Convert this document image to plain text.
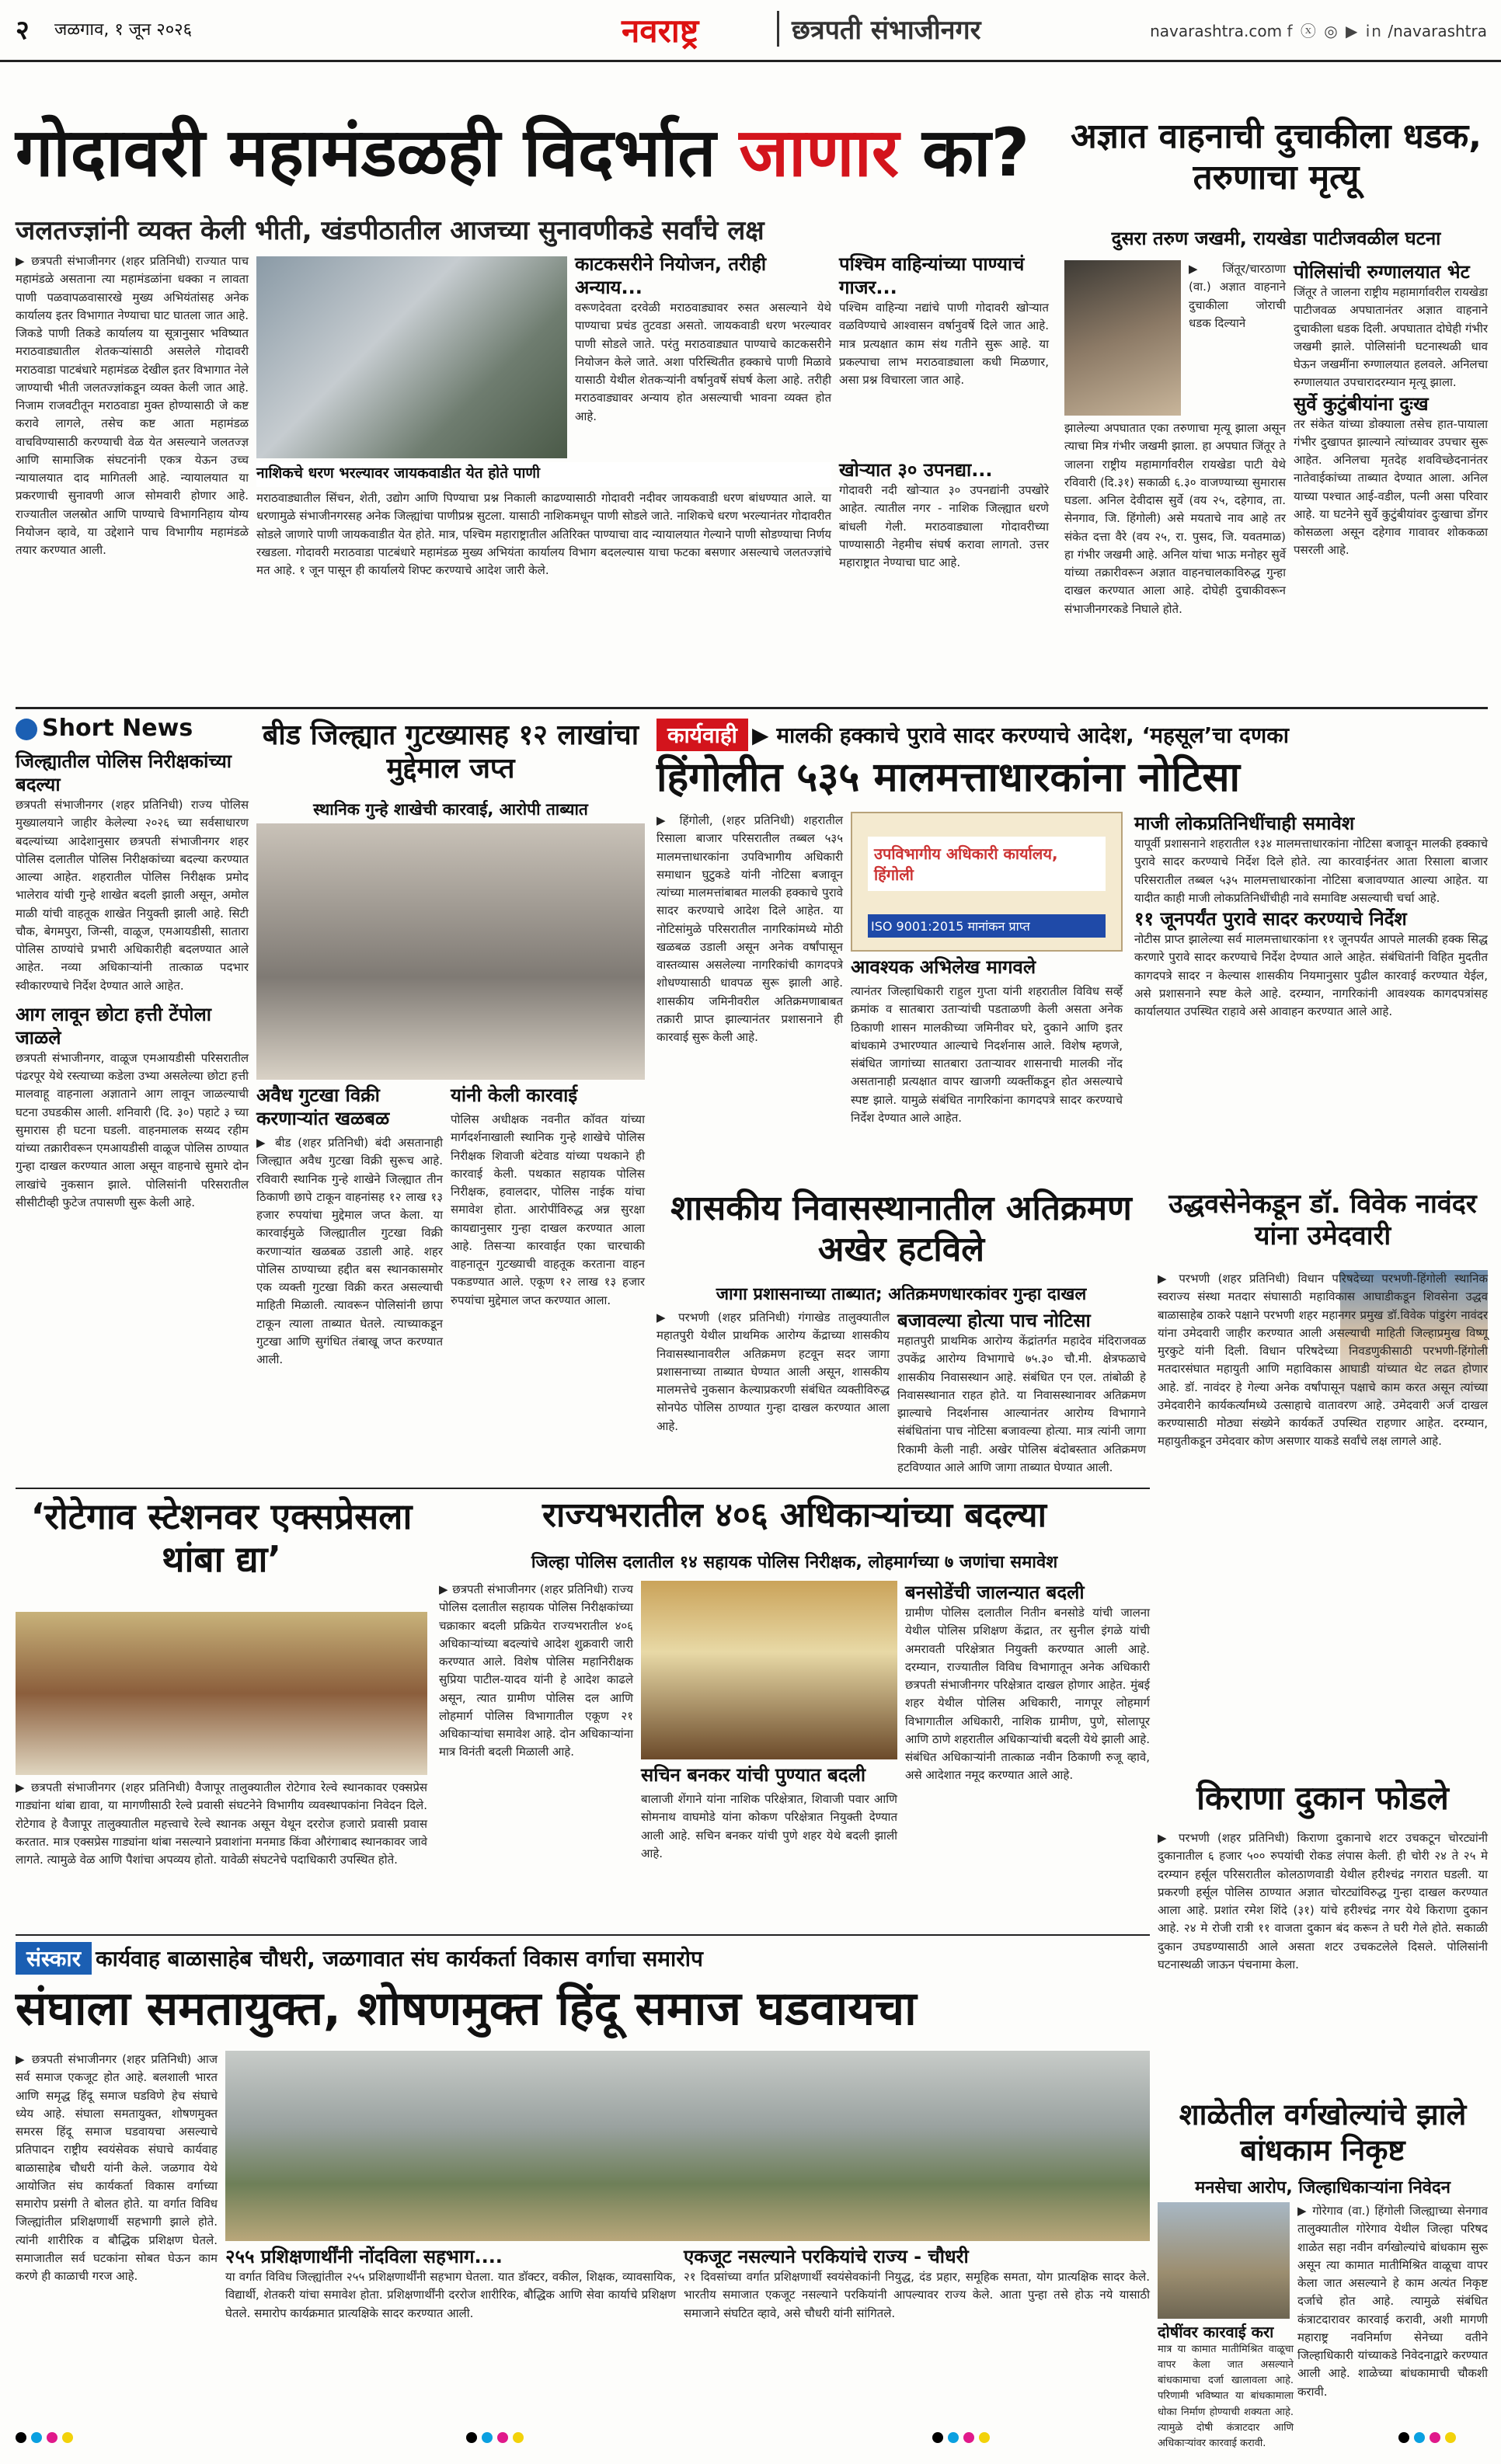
२ जळगाव, १ जून २०२६	नवराष्ट्र	छत्रपती संभाजीनगर	navarashtra.com f ⓧ ◎ ▶ in /navarashtra
गोदावरी महामंडळही विदर्भात जाणार का?
जलतज्ज्ञांनी व्यक्त केली भीती, खंडपीठातील आजच्या सुनावणीकडे सर्वांचे लक्ष
▶ छत्रपती संभाजीनगर (शहर प्रतिनिधी) राज्यात पाच महामंडळे असताना त्या महामंडळांना धक्का न लावता पाणी पळवापळवासारखे मुख्य अभियंतांसह अनेक कार्यालय इतर विभागात नेण्याचा घाट घातला जात आहे. जिकडे पाणी तिकडे कार्यालय या सूत्रानुसार भविष्यात मराठवाड्यातील शेतकऱ्यांसाठी असलेले गोदावरी मराठवाडा पाटबंधारे महामंडळ देखील इतर विभागात नेले जाण्याची भीती जलतज्ज्ञांकडून व्यक्त केली जात आहे. निजाम राजवटीतून मराठवाडा मुक्त होण्यासाठी जे कष्ट करावे लागले, तसेच कष्ट आता महामंडळ वाचविण्यासाठी करण्याची वेळ येत असल्याने जलतज्ज्ञ आणि सामाजिक संघटनांनी एकत्र येऊन उच्च न्यायालयात दाद मागितली आहे. न्यायालयात या प्रकरणाची सुनावणी आज सोमवारी होणार आहे. राज्यातील जलस्रोत आणि पाण्याचे विभागनिहाय योग्य नियोजन व्हावे, या उद्देशाने पाच विभागीय महामंडळे तयार करण्यात आली.
नाशिकचे धरण भरल्यावर जायकवाडीत येत होते पाणी
मराठवाड्यातील सिंचन, शेती, उद्योग आणि पिण्याचा प्रश्न निकाली काढण्यासाठी गोदावरी नदीवर जायकवाडी धरण बांधण्यात आले. या धरणामुळे संभाजीनगरसह अनेक जिल्ह्यांचा पाणीप्रश्न सुटला. यासाठी नाशिकमधून पाणी सोडले जाते. नाशिकचे धरण भरल्यानंतर गोदावरीत सोडले जाणारे पाणी जायकवाडीत येत होते. मात्र, पश्चिम महाराष्ट्रातील अतिरिक्त पाण्याचा वाद न्यायालयात गेल्याने पाणी सोडण्याचा निर्णय रखडला. गोदावरी मराठवाडा पाटबंधारे महामंडळ मुख्य अभियंता कार्यालय विभाग बदलल्यास याचा फटका बसणार असल्याचे जलतज्ज्ञांचे मत आहे. १ जून पासून ही कार्यालये शिफ्ट करण्याचे आदेश जारी केले.
काटकसरीने नियोजन, तरीही अन्याय...
वरूणदेवता दरवेळी मराठवाड्यावर रुसत असल्याने येथे पाण्याचा प्रचंड तुटवडा असतो. जायकवाडी धरण भरल्यावर पाणी सोडले जाते. परंतु मराठवाड्यात पाण्याचे काटकसरीने नियोजन केले जाते. अशा परिस्थितीत हक्काचे पाणी मिळावे यासाठी येथील शेतकऱ्यांनी वर्षानुवर्षे संघर्ष केला आहे. तरीही मराठवाड्यावर अन्याय होत असल्याची भावना व्यक्त होत आहे.
खोऱ्यात ३० उपनद्या...
गोदावरी नदी खोऱ्यात ३० उपनद्यांनी उपखोरे आहेत. त्यातील नगर - नाशिक जिल्ह्यात धरणे बांधली गेली. मराठवाड्याला गोदावरीच्या पाण्यासाठी नेहमीच संघर्ष करावा लागतो. उत्तर महाराष्ट्रात नेण्याचा घाट आहे.
पश्चिम वाहिन्यांच्या पाण्याचं गाजर...
पश्चिम वाहिन्या नद्यांचे पाणी गोदावरी खोऱ्यात वळविण्याचे आश्वासन वर्षानुवर्षे दिले जात आहे. मात्र प्रत्यक्षात काम संथ गतीने सुरू आहे. या प्रकल्पाचा लाभ मराठवाड्याला कधी मिळणार, असा प्रश्न विचारला जात आहे.
अज्ञात वाहनाची दुचाकीला धडक, तरुणाचा मृत्यू
दुसरा तरुण जखमी, रायखेडा पाटीजवळील घटना
▶ जिंतूर/चारठाणा (वा.) अज्ञात वाहनाने दुचाकीला जोराची धडक दिल्याने
झालेल्या अपघातात एका तरुणाचा मृत्यू झाला असून त्याचा मित्र गंभीर जखमी झाला. हा अपघात जिंतूर ते जालना राष्ट्रीय महामार्गावरील रायखेडा पाटी येथे रविवारी (दि.३१) सकाळी ६.३० वाजण्याच्या सुमारास घडला. अनिल देवीदास सुर्वे (वय २५, दहेगाव, ता. सेनगाव, जि. हिंगोली) असे मयताचे नाव आहे तर संकेत दत्ता वैरे (वय २५, रा. पुसद, जि. यवतमाळ) हा गंभीर जखमी आहे. अनिल यांचा भाऊ मनोहर सुर्वे यांच्या तक्रारीवरून अज्ञात वाहनचालकाविरुद्ध गुन्हा दाखल करण्यात आला आहे. दोघेही दुचाकीवरून संभाजीनगरकडे निघाले होते.
पोलिसांची रुग्णालयात भेट
जिंतूर ते जालना राष्ट्रीय महामार्गावरील रायखेडा पाटीजवळ अपघातानंतर अज्ञात वाहनाने दुचाकीला धडक दिली. अपघातात दोघेही गंभीर जखमी झाले. पोलिसांनी घटनास्थळी धाव घेऊन जखमींना रुग्णालयात हलवले. अनिलचा रुग्णालयात उपचारादरम्यान मृत्यू झाला.
सुर्वे कुटुंबीयांना दुःख
तर संकेत यांच्या डोक्याला तसेच हात-पायाला गंभीर दुखापत झाल्याने त्यांच्यावर उपचार सुरू आहेत. अनिलचा मृतदेह शवविच्छेदनानंतर नातेवाईकांच्या ताब्यात देण्यात आला. अनिल याच्या पश्चात आई-वडील, पत्नी असा परिवार आहे. या घटनेने सुर्वे कुटुंबीयांवर दुःखाचा डोंगर कोसळला असून दहेगाव गावावर शोककळा पसरली आहे.
Short News
जिल्ह्यातील पोलिस निरीक्षकांच्या बदल्या
छत्रपती संभाजीनगर (शहर प्रतिनिधी) राज्य पोलिस मुख्यालयाने जाहीर केलेल्या २०२६ च्या सर्वसाधारण बदल्यांच्या आदेशानुसार छत्रपती संभाजीनगर शहर पोलिस दलातील पोलिस निरीक्षकांच्या बदल्या करण्यात आल्या आहेत. शहरातील पोलिस निरीक्षक प्रमोद भालेराव यांची गुन्हे शाखेत बदली झाली असून, अमोल माळी यांची वाहतूक शाखेत नियुक्ती झाली आहे. सिटी चौक, बेगमपुरा, जिन्सी, वाळूज, एमआयडीसी, सातारा पोलिस ठाण्यांचे प्रभारी अधिकारीही बदलण्यात आले आहेत. नव्या अधिकाऱ्यांनी तात्काळ पदभार स्वीकारण्याचे निर्देश देण्यात आले आहेत.
आग लावून छोटा हत्ती टेंपोला जाळले
छत्रपती संभाजीनगर, वाळूज एमआयडीसी परिसरातील पंढरपूर येथे रस्त्याच्या कडेला उभ्या असलेल्या छोटा हत्ती मालवाहू वाहनाला अज्ञाताने आग लावून जाळल्याची घटना उघडकीस आली. शनिवारी (दि. ३०) पहाटे ३ च्या सुमारास ही घटना घडली. वाहनमालक सय्यद रहीम यांच्या तक्रारीवरून एमआयडीसी वाळूज पोलिस ठाण्यात गुन्हा दाखल करण्यात आला असून वाहनाचे सुमारे दोन लाखांचे नुकसान झाले. पोलिसांनी परिसरातील सीसीटीव्ही फुटेज तपासणी सुरू केली आहे.
बीड जिल्ह्यात गुटख्यासह १२ लाखांचा मुद्देमाल जप्त
स्थानिक गुन्हे शाखेची कारवाई, आरोपी ताब्यात
अवैध गुटखा विक्री करणाऱ्यांत खळबळ
यांनी केली कारवाई
▶ बीड (शहर प्रतिनिधी) बंदी असतानाही जिल्ह्यात अवैध गुटखा विक्री सुरूच आहे. रविवारी स्थानिक गुन्हे शाखेने जिल्ह्यात तीन ठिकाणी छापे टाकून वाहनांसह १२ लाख १३ हजार रुपयांचा मुद्देमाल जप्त केला. या कारवाईमुळे जिल्ह्यातील गुटखा विक्री करणाऱ्यांत खळबळ उडाली आहे. शहर पोलिस ठाण्याच्या हद्दीत बस स्थानकासमोर एक व्यक्ती गुटखा विक्री करत असल्याची माहिती मिळाली. त्यावरून पोलिसांनी छापा टाकून त्याला ताब्यात घेतले. त्याच्याकडून गुटखा आणि सुगंधित तंबाखू जप्त करण्यात आली.
पोलिस अधीक्षक नवनीत कॉवत यांच्या मार्गदर्शनाखाली स्थानिक गुन्हे शाखेचे पोलिस निरीक्षक शिवाजी बंटेवाड यांच्या पथकाने ही कारवाई केली. पथकात सहायक पोलिस निरीक्षक, हवालदार, पोलिस नाईक यांचा समावेश होता. आरोपींविरुद्ध अन्न सुरक्षा कायद्यानुसार गुन्हा दाखल करण्यात आला आहे. तिसऱ्या कारवाईत एका चारचाकी वाहनातून गुटख्याची वाहतूक करताना वाहन पकडण्यात आले. एकूण १२ लाख १३ हजार रुपयांचा मुद्देमाल जप्त करण्यात आला.
कार्यवाही ▶ मालकी हक्काचे पुरावे सादर करण्याचे आदेश, ‘महसूल’चा दणका
हिंगोलीत ५३५ मालमत्ताधारकांना नोटिसा
▶ हिंगोली, (शहर प्रतिनिधी) शहरातील रिसाला बाजार परिसरातील तब्बल ५३५ मालमत्ताधारकांना उपविभागीय अधिकारी समाधान घुटुकडे यांनी नोटिसा बजावून त्यांच्या मालमत्तांबाबत मालकी हक्काचे पुरावे सादर करण्याचे आदेश दिले आहेत. या नोटिसांमुळे परिसरातील नागरिकांमध्ये मोठी खळबळ उडाली असून अनेक वर्षांपासून वास्तव्यास असलेल्या नागरिकांची कागदपत्रे शोधण्यासाठी धावपळ सुरू झाली आहे. शासकीय जमिनीवरील अतिक्रमणाबाबत तक्रारी प्राप्त झाल्यानंतर प्रशासनाने ही कारवाई सुरू केली आहे.
उपविभागीय अधिकारी कार्यालय, हिंगोली
ISO 9001:2015 मानांकन प्राप्त
आवश्यक अभिलेख मागवले
त्यानंतर जिल्हाधिकारी राहुल गुप्ता यांनी शहरातील विविध सर्व्हे क्रमांक व सातबारा उताऱ्यांची पडताळणी केली असता अनेक ठिकाणी शासन मालकीच्या जमिनीवर घरे, दुकाने आणि इतर बांधकामे उभारण्यात आल्याचे निदर्शनास आले. विशेष म्हणजे, संबंधित जागांच्या सातबारा उताऱ्यावर शासनाची मालकी नोंद असतानाही प्रत्यक्षात वापर खाजगी व्यक्तींकडून होत असल्याचे स्पष्ट झाले. यामुळे संबंधित नागरिकांना कागदपत्रे सादर करण्याचे निर्देश देण्यात आले आहेत.
माजी लोकप्रतिनिधींचाही समावेश
यापूर्वी प्रशासनाने शहरातील १३४ मालमत्ताधारकांना नोटिसा बजावून मालकी हक्काचे पुरावे सादर करण्याचे निर्देश दिले होते. त्या कारवाईनंतर आता रिसाला बाजार परिसरातील तब्बल ५३५ मालमत्ताधारकांना नोटिसा बजावण्यात आल्या आहेत. या यादीत काही माजी लोकप्रतिनिधींचीही नावे समाविष्ट असल्याची चर्चा आहे.
११ जूनपर्यंत पुरावे सादर करण्याचे निर्देश
नोटीस प्राप्त झालेल्या सर्व मालमत्ताधारकांना ११ जूनपर्यंत आपले मालकी हक्क सिद्ध करणारे पुरावे सादर करण्याचे निर्देश देण्यात आले आहेत. संबंधितांनी विहित मुदतीत कागदपत्रे सादर न केल्यास शासकीय नियमानुसार पुढील कारवाई करण्यात येईल, असे प्रशासनाने स्पष्ट केले आहे. दरम्यान, नागरिकांनी आवश्यक कागदपत्रांसह कार्यालयात उपस्थित राहावे असे आवाहन करण्यात आले आहे.
शासकीय निवासस्थानातील अतिक्रमण अखेर हटविले
जागा प्रशासनाच्या ताब्यात; अतिक्रमणधारकांवर गुन्हा दाखल
▶ परभणी (शहर प्रतिनिधी) गंगाखेड तालुक्यातील महातपुरी येथील प्राथमिक आरोग्य केंद्राच्या शासकीय निवासस्थानावरील अतिक्रमण हटवून सदर जागा प्रशासनाच्या ताब्यात घेण्यात आली असून, शासकीय मालमत्तेचे नुकसान केल्याप्रकरणी संबंधित व्यक्तीविरुद्ध सोनपेठ पोलिस ठाण्यात गुन्हा दाखल करण्यात आला आहे.
बजावल्या होत्या पाच नोटिसा
महातपुरी प्राथमिक आरोग्य केंद्रांतर्गत महादेव मंदिराजवळ उपकेंद्र आरोग्य विभागाचे ७५.३० चौ.मी. क्षेत्रफळाचे शासकीय निवासस्थान आहे. संबंधित एन एल. तांबोळी हे निवासस्थानात राहत होते. या निवासस्थानावर अतिक्रमण झाल्याचे निदर्शनास आल्यानंतर आरोग्य विभागाने संबंधितांना पाच नोटिसा बजावल्या होत्या. मात्र त्यांनी जागा रिकामी केली नाही. अखेर पोलिस बंदोबस्तात अतिक्रमण हटविण्यात आले आणि जागा ताब्यात घेण्यात आली.
उद्धवसेनेकडून डॉ. विवेक नावंदर यांना उमेदवारी
▶ परभणी (शहर प्रतिनिधी) विधान परिषदेच्या परभणी-हिंगोली स्थानिक स्वराज्य संस्था मतदार संघासाठी महाविकास आघाडीकडून शिवसेना उद्धव बाळासाहेब ठाकरे पक्षाने परभणी शहर महानगर प्रमुख डॉ.विवेक पांडुरंग नावंदर यांना उमेदवारी जाहीर करण्यात आली असल्याची माहिती जिल्हाप्रमुख विष्णू मुरकुटे यांनी दिली. विधान परिषदेच्या निवडणुकीसाठी परभणी-हिंगोली मतदारसंघात महायुती आणि महाविकास आघाडी यांच्यात थेट लढत होणार आहे. डॉ. नावंदर हे गेल्या अनेक वर्षांपासून पक्षाचे काम करत असून त्यांच्या उमेदवारीने कार्यकर्त्यांमध्ये उत्साहाचे वातावरण आहे. उमेदवारी अर्ज दाखल करण्यासाठी मोठ्या संख्येने कार्यकर्ते उपस्थित राहणार आहेत. दरम्यान, महायुतीकडून उमेदवार कोण असणार याकडे सर्वांचे लक्ष लागले आहे.
‘रोटेगाव स्टेशनवर एक्सप्रेसला थांबा द्या’
▶ छत्रपती संभाजीनगर (शहर प्रतिनिधी) वैजापूर तालुक्यातील रोटेगाव रेल्वे स्थानकावर एक्सप्रेस गाड्यांना थांबा द्यावा, या मागणीसाठी रेल्वे प्रवासी संघटनेने विभागीय व्यवस्थापकांना निवेदन दिले. रोटेगाव हे वैजापूर तालुक्यातील महत्त्वाचे रेल्वे स्थानक असून येथून दररोज हजारो प्रवासी प्रवास करतात. मात्र एक्सप्रेस गाड्यांना थांबा नसल्याने प्रवाशांना मनमाड किंवा औरंगाबाद स्थानकावर जावे लागते. त्यामुळे वेळ आणि पैशांचा अपव्यय होतो. यावेळी संघटनेचे पदाधिकारी उपस्थित होते.
राज्यभरातील ४०६ अधिकाऱ्यांच्या बदल्या
जिल्हा पोलिस दलातील १४ सहायक पोलिस निरीक्षक, लोहमार्गच्या ७ जणांचा समावेश
▶ छत्रपती संभाजीनगर (शहर प्रतिनिधी) राज्य पोलिस दलातील सहायक पोलिस निरीक्षकांच्या चक्राकार बदली प्रक्रियेत राज्यभरातील ४०६ अधिकाऱ्यांच्या बदल्यांचे आदेश शुक्रवारी जारी करण्यात आले. विशेष पोलिस महानिरीक्षक सुप्रिया पाटील-यादव यांनी हे आदेश काढले असून, त्यात ग्रामीण पोलिस दल आणि लोहमार्ग पोलिस विभागातील एकूण २१ अधिकाऱ्यांचा समावेश आहे. दोन अधिकाऱ्यांना मात्र विनंती बदली मिळाली आहे.
सचिन बनकर यांची पुण्यात बदली
बालाजी शेंगाने यांना नाशिक परिक्षेत्रात, शिवाजी पवार आणि सोमनाथ वाघमोडे यांना कोकण परिक्षेत्रात नियुक्ती देण्यात आली आहे. सचिन बनकर यांची पुणे शहर येथे बदली झाली आहे.
बनसोडेंची जालन्यात बदली
ग्रामीण पोलिस दलातील नितीन बनसोडे यांची जालना येथील पोलिस प्रशिक्षण केंद्रात, तर सुनील इंगळे यांची अमरावती परिक्षेत्रात नियुक्ती करण्यात आली आहे. दरम्यान, राज्यातील विविध विभागातून अनेक अधिकारी छत्रपती संभाजीनगर परिक्षेत्रात दाखल होणार आहेत. मुंबई शहर येथील पोलिस अधिकारी, नागपूर लोहमार्ग विभागातील अधिकारी, नाशिक ग्रामीण, पुणे, सोलापूर आणि ठाणे शहरातील अधिकाऱ्यांची बदली येथे झाली आहे. संबंधित अधिकाऱ्यांनी तात्काळ नवीन ठिकाणी रुजू व्हावे, असे आदेशात नमूद करण्यात आले आहे.
किराणा दुकान फोडले
▶ परभणी (शहर प्रतिनिधी) किराणा दुकानाचे शटर उचकटून चोरट्यांनी दुकानातील ६ हजार ५०० रुपयांची रोकड लंपास केली. ही चोरी २४ ते २५ मे दरम्यान हर्सूल परिसरातील कोलठाणवाडी येथील हरीश्चंद्र नगरात घडली. या प्रकरणी हर्सूल पोलिस ठाण्यात अज्ञात चोरट्यांविरुद्ध गुन्हा दाखल करण्यात आला आहे. प्रशांत रमेश शिंदे (३१) यांचे हरीश्चंद्र नगर येथे किराणा दुकान आहे. २४ मे रोजी रात्री ११ वाजता दुकान बंद करून ते घरी गेले होते. सकाळी दुकान उघडण्यासाठी आले असता शटर उचकटलेले दिसले. पोलिसांनी घटनास्थळी जाऊन पंचनामा केला.
संस्कार कार्यवाह बाळासाहेब चौधरी, जळगावात संघ कार्यकर्ता विकास वर्गाचा समारोप
संघाला समतायुक्त, शोषणमुक्त हिंदू समाज घडवायचा
▶ छत्रपती संभाजीनगर (शहर प्रतिनिधी) आज सर्व समाज एकजूट होत आहे. बलशाली भारत आणि समृद्ध हिंदू समाज घडविणे हेच संघाचे ध्येय आहे. संघाला समतायुक्त, शोषणमुक्त समरस हिंदू समाज घडवायचा असल्याचे प्रतिपादन राष्ट्रीय स्वयंसेवक संघाचे कार्यवाह बाळासाहेब चौधरी यांनी केले. जळगाव येथे आयोजित संघ कार्यकर्ता विकास वर्गाच्या समारोप प्रसंगी ते बोलत होते. या वर्गात विविध जिल्ह्यांतील प्रशिक्षणार्थी सहभागी झाले होते. त्यांनी शारीरिक व बौद्धिक प्रशिक्षण घेतले. समाजातील सर्व घटकांना सोबत घेऊन काम करणे ही काळाची गरज आहे.
२५५ प्रशिक्षणार्थींनी नोंदविला सहभाग....
या वर्गात विविध जिल्ह्यांतील २५५ प्रशिक्षणार्थींनी सहभाग घेतला. यात डॉक्टर, वकील, शिक्षक, व्यावसायिक, विद्यार्थी, शेतकरी यांचा समावेश होता. प्रशिक्षणार्थींनी दररोज शारीरिक, बौद्धिक आणि सेवा कार्याचे प्रशिक्षण घेतले. समारोप कार्यक्रमात प्रात्यक्षिके सादर करण्यात आली.
एकजूट नसल्याने परकियांचे राज्य - चौधरी
२१ दिवसांच्या वर्गात प्रशिक्षणार्थी स्वयंसेवकांनी नियुद्ध, दंड प्रहार, समूहिक समता, योग प्रात्यक्षिक सादर केले. भारतीय समाजात एकजूट नसल्याने परकियांनी आपल्यावर राज्य केले. आता पुन्हा तसे होऊ नये यासाठी समाजाने संघटित व्हावे, असे चौधरी यांनी सांगितले.
शाळेतील वर्गखोल्यांचे झाले बांधकाम निकृष्ट
मनसेचा आरोप, जिल्हाधिकाऱ्यांना निवेदन
▶ गोरेगाव (वा.) हिंगोली जिल्ह्याच्या सेनगाव तालुक्यातील गोरेगाव येथील जिल्हा परिषद शाळेत सहा नवीन वर्गखोल्यांचे बांधकाम सुरू असून त्या कामात मातीमिश्रित वाळूचा वापर केला जात असल्याने हे काम अत्यंत निकृष्ट दर्जाचे होत आहे. त्यामुळे संबंधित कंत्राटदारावर कारवाई करावी, अशी मागणी महाराष्ट्र नवनिर्माण सेनेच्या वतीने जिल्हाधिकारी यांच्याकडे निवेदनाद्वारे करण्यात आली आहे. शाळेच्या बांधकामाची चौकशी करावी.
दोषींवर कारवाई करा
मात्र या कामात मातीमिश्रित वाळूचा वापर केला जात असल्याने बांधकामाचा दर्जा खालावला आहे. परिणामी भविष्यात या बांधकामाला धोका निर्माण होण्याची शक्यता आहे. त्यामुळे दोषी कंत्राटदार आणि अधिकाऱ्यांवर कारवाई करावी.
